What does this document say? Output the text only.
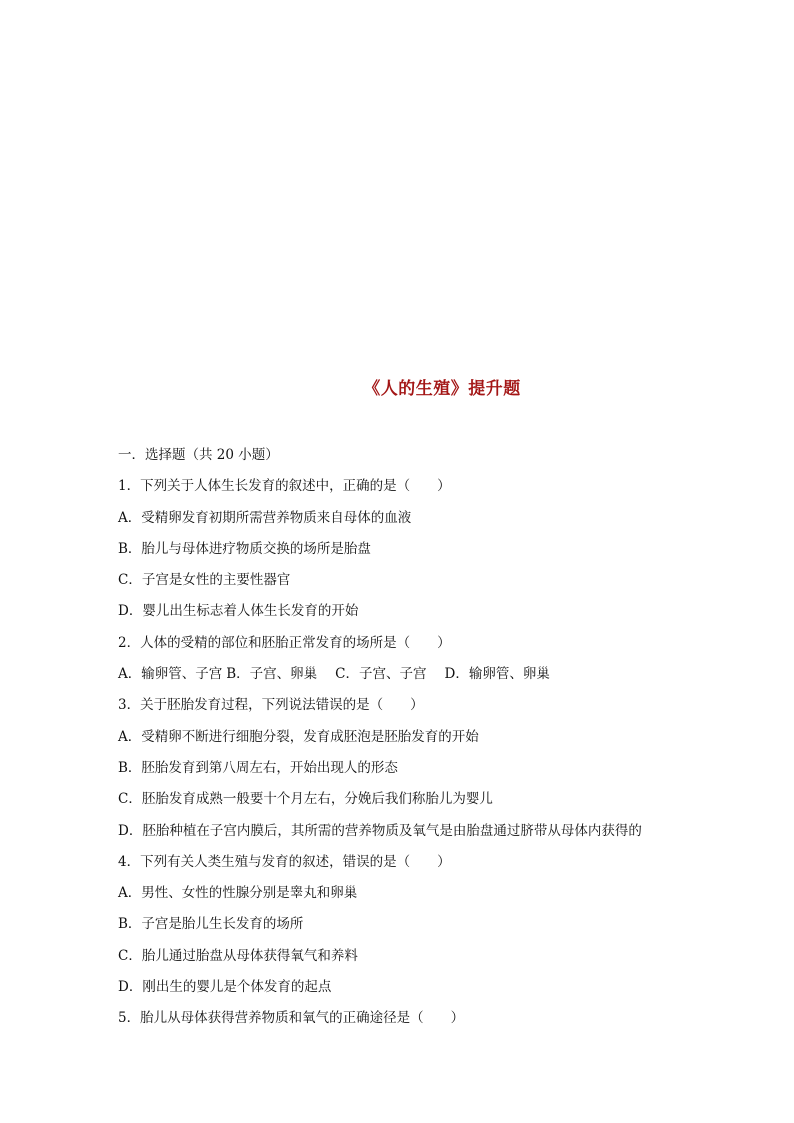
《人的生殖》提升题
一．选择题（共 20 小题）
1．下列关于人体生长发育的叙述中，正确的是（　　）
A．受精卵发育初期所需营养物质来自母体的血液
B．胎儿与母体进疗物质交换的场所是胎盘
C．子宫是女性的主要性器官
D．婴儿出生标志着人体生长发育的开始
2．人体的受精的部位和胚胎正常发育的场所是（　　）
A．输卵管、子宫 B．子宫、卵巢 C．子宫、子宫 D．输卵管、卵巢
3．关于胚胎发育过程，下列说法错误的是（　　）
A．受精卵不断进行细胞分裂，发育成胚泡是胚胎发育的开始
B．胚胎发育到第八周左右，开始出现人的形态
C．胚胎发育成熟一般要十个月左右，分娩后我们称胎儿为婴儿
D．胚胎种植在子宫内膜后，其所需的营养物质及氧气是由胎盘通过脐带从母体内获得的
4．下列有关人类生殖与发育的叙述，错误的是（　　）
A．男性、女性的性腺分别是睾丸和卵巢
B．子宫是胎儿生长发育的场所
C．胎儿通过胎盘从母体获得氧气和养料
D．刚出生的婴儿是个体发育的起点
5．胎儿从母体获得营养物质和氧气的正确途径是（　　）
